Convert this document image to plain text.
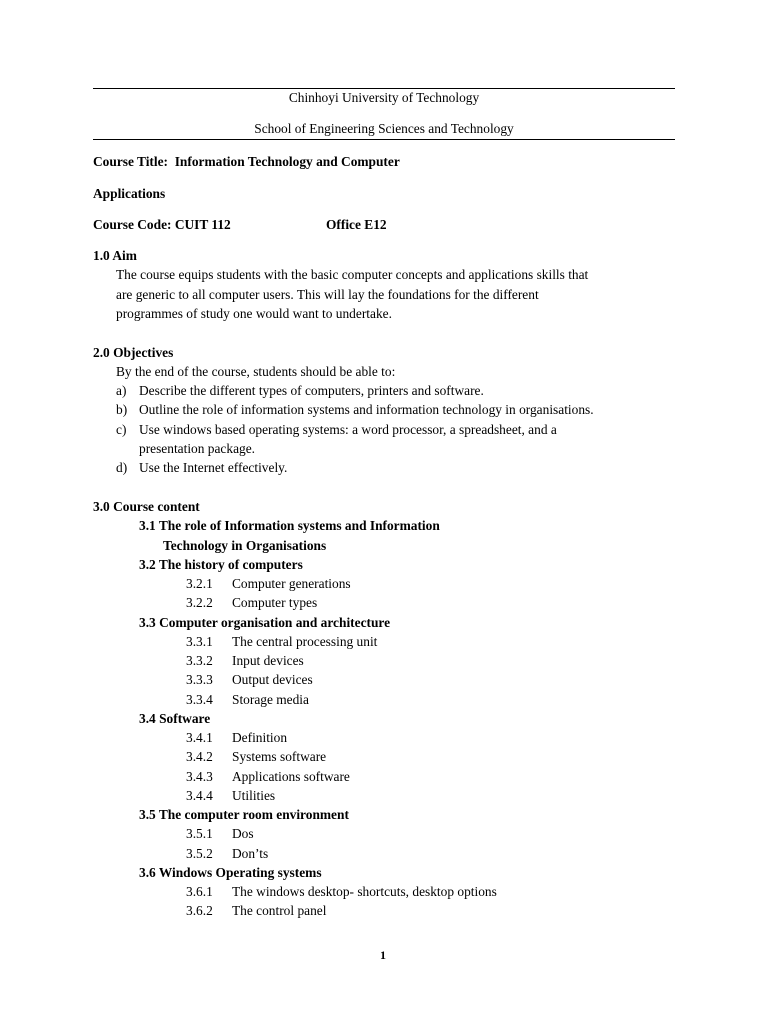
Chinhoyi University of Technology
School of Engineering Sciences and Technology
Course Title: Information Technology and Computer
Applications
Course Code: CUIT 112	Office E12
1.0 Aim
The course equips students with the basic computer concepts and applications skills that
are generic to all computer users. This will lay the foundations for the different
programmes of study one would want to undertake.
2.0 Objectives
By the end of the course, students should be able to:
a) Describe the different types of computers, printers and software.
b) Outline the role of information systems and information technology in organisations.
c) Use windows based operating systems: a word processor, a spreadsheet, and a
presentation package.
d) Use the Internet effectively.
3.0 Course content
3.1 The role of Information systems and Information
Technology in Organisations
3.2 The history of computers
3.2.1 Computer generations
3.2.2 Computer types
3.3 Computer organisation and architecture
3.3.1 The central processing unit
3.3.2 Input devices
3.3.3 Output devices
3.3.4 Storage media
3.4 Software
3.4.1 Definition
3.4.2 Systems software
3.4.3 Applications software
3.4.4 Utilities
3.5 The computer room environment
3.5.1 Dos
3.5.2 Don’ts
3.6 Windows Operating systems
3.6.1 The windows desktop- shortcuts, desktop options
3.6.2 The control panel
1
